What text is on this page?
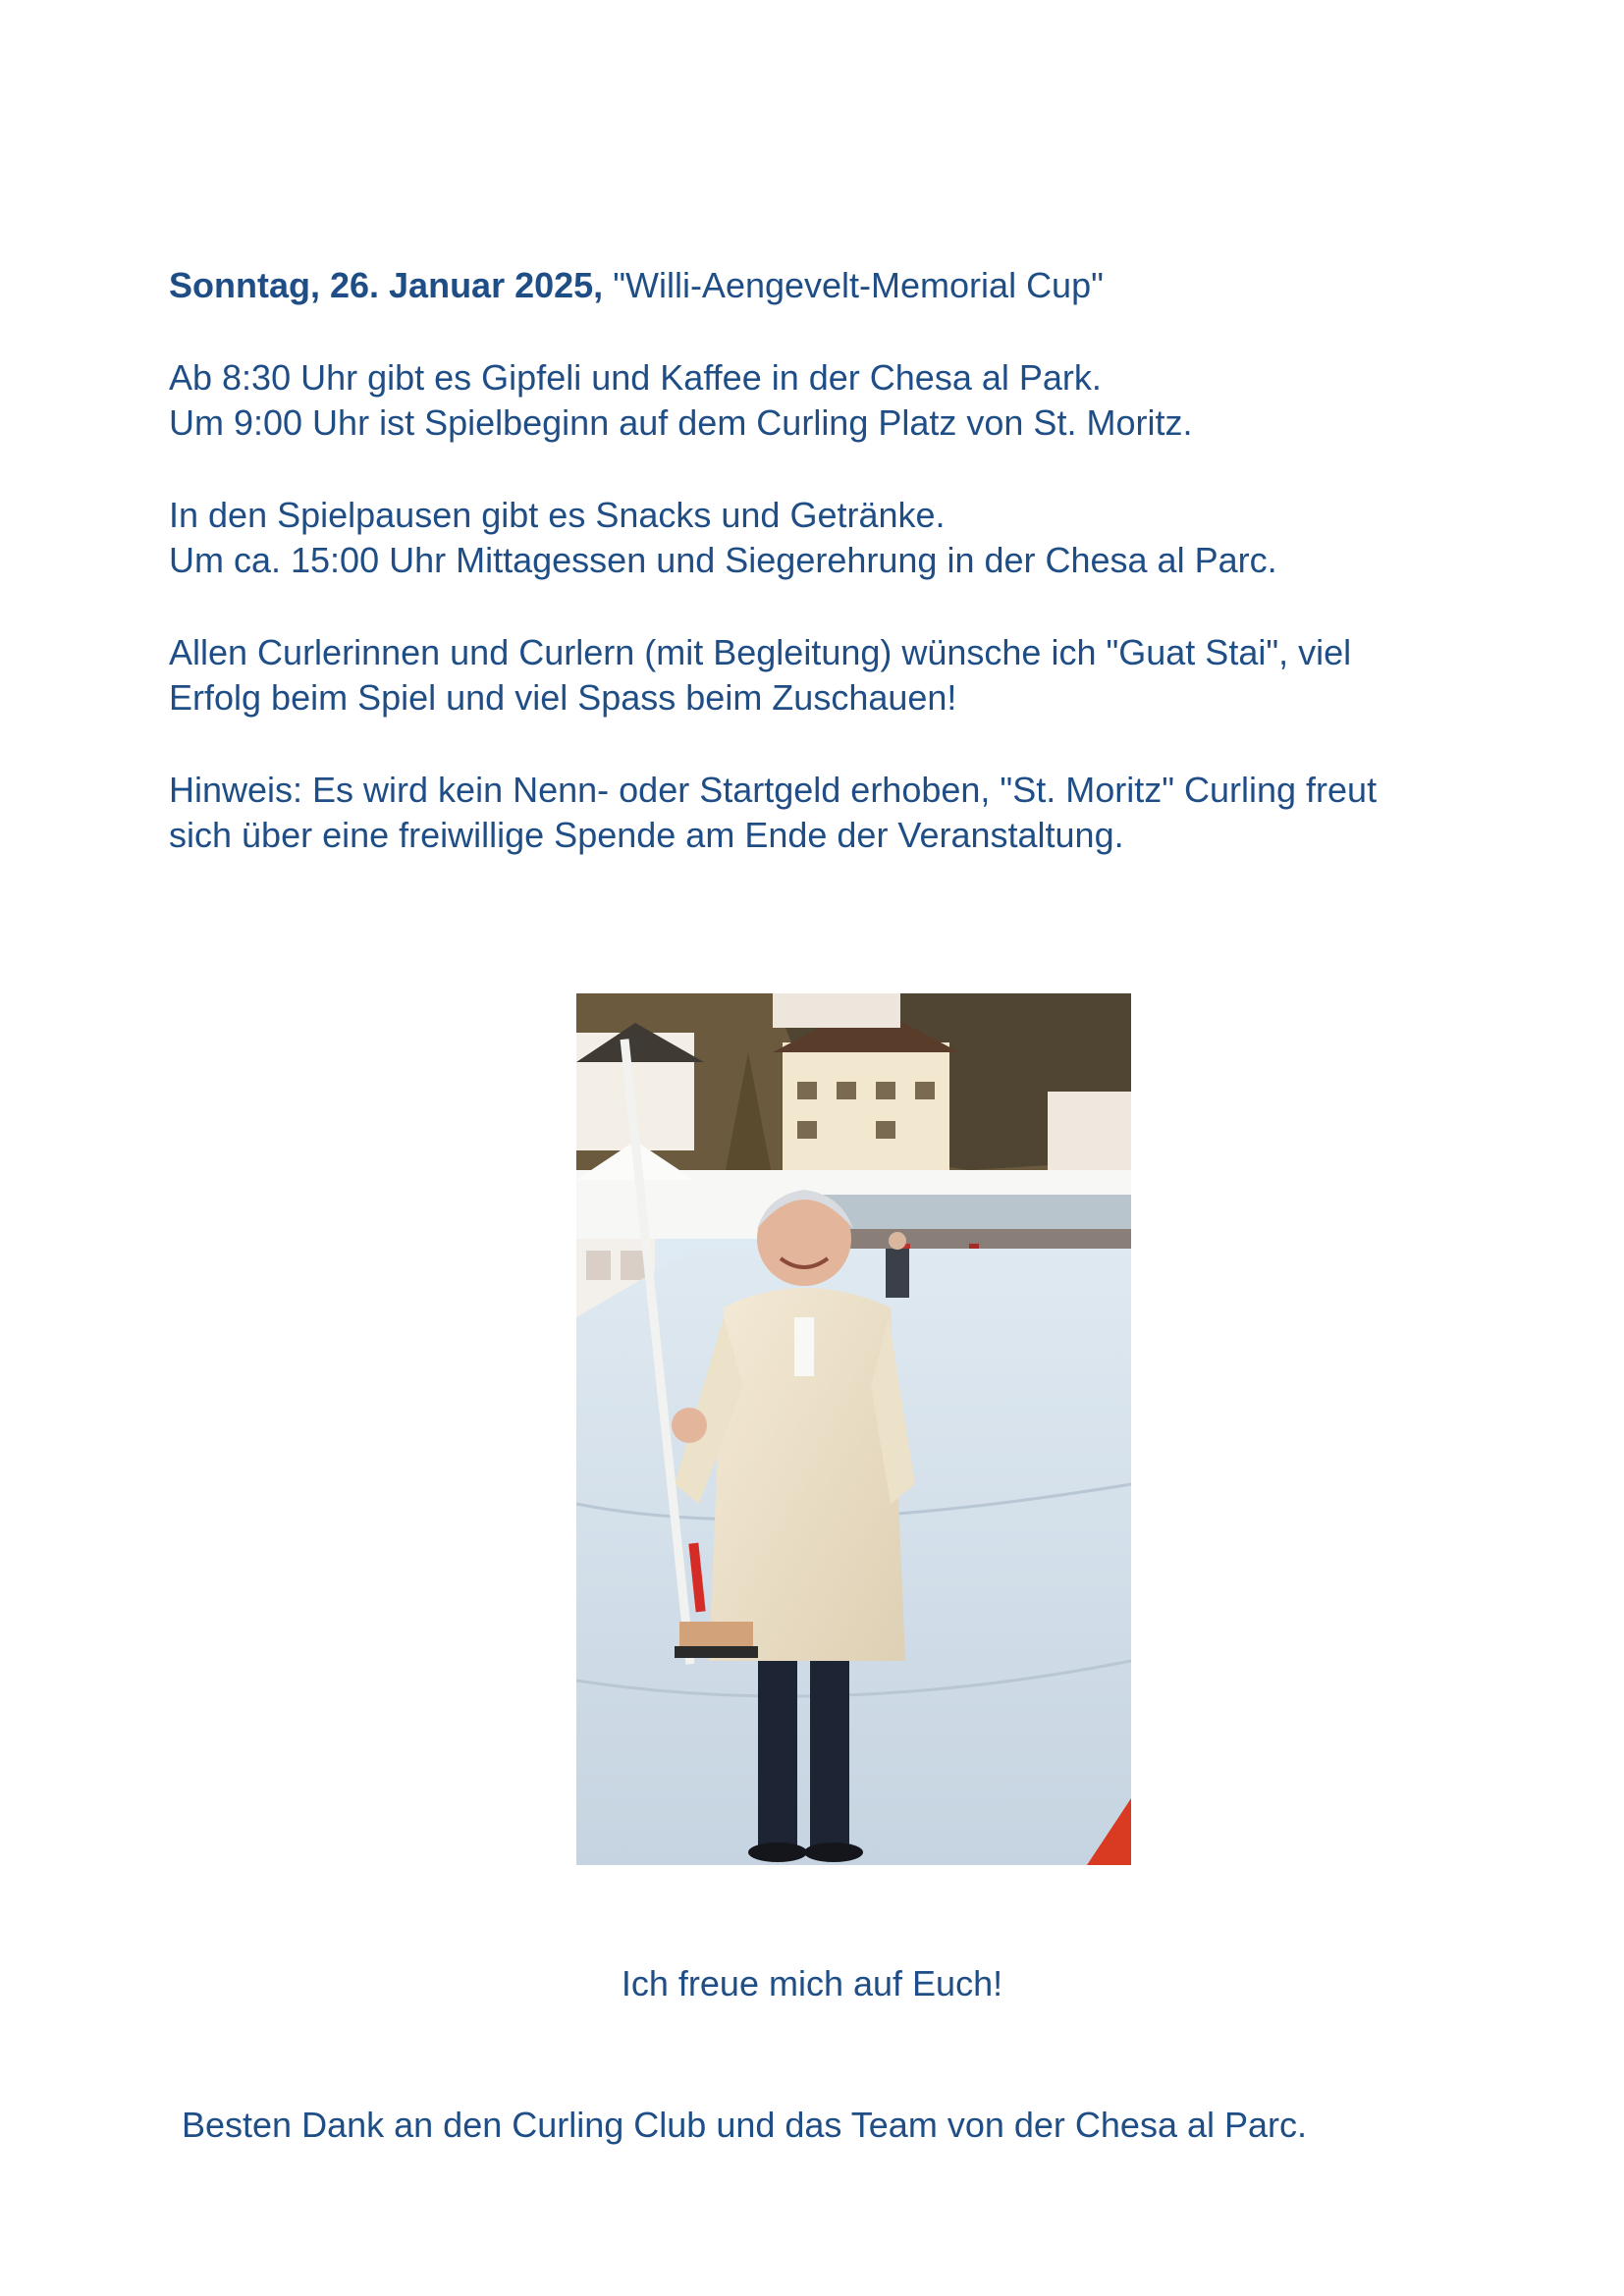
Sonntag, 26. Januar 2025, "Willi-Aengevelt-Memorial Cup"
Ab 8:30 Uhr gibt es Gipfeli und Kaffee in der Chesa al Park.
Um 9:00 Uhr ist Spielbeginn auf dem Curling Platz von St. Moritz.
In den Spielpausen gibt es Snacks und Getränke.
Um ca. 15:00 Uhr Mittagessen und Siegerehrung in der Chesa al Parc.
Allen Curlerinnen und Curlern (mit Begleitung) wünsche ich "Guat Stai", viel
Erfolg beim Spiel und viel Spass beim Zuschauen!
Hinweis: Es wird kein Nenn- oder Startgeld erhoben, "St. Moritz" Curling freut
sich über eine freiwillige Spende am Ende der Veranstaltung.
Ich freue mich auf Euch!
Besten Dank an den Curling Club und das Team von der Chesa al Parc.
